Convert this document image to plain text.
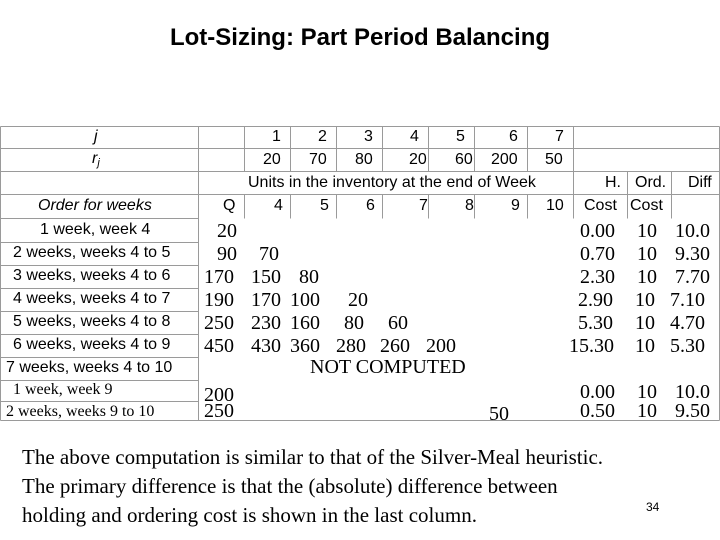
Lot-Sizing: Part Period Balancing
j	1 2 3 4 5	6 7
rj	20 70 80 20 60 200 50
Units in the inventory at the end of Week	H. Ord. Diff
Order for weeks	Q 4 5 6	7 8 9 10 Cost Cost
1 week, week 4	20	0.00 10 10.0
2 weeks, weeks 4 to 5 90 70	0.70 10 9.30
3 weeks, weeks 4 to 6 170 150 80	2.30 10 7.70
4 weeks, weeks 4 to 7 190 170 100 20	2.90 10 7.10
5 weeks, weeks 4 to 8 250 230 160 80 60	5.30 10 4.70
6 weeks, weeks 4 to 9 450 430 360 280 260 200	15.30 10 5.30
7 weeks, weeks 4 to 10	NOT COMPUTED
1 week, week 9	200	0.00 10 10.0
2 weeks, weeks 9 to 10 250	50	0.50 10 9.50
The above computation is similar to that of the Silver-Meal heuristic.
The primary difference is that the (absolute) difference between
holding and ordering cost is shown in the last column.	34
